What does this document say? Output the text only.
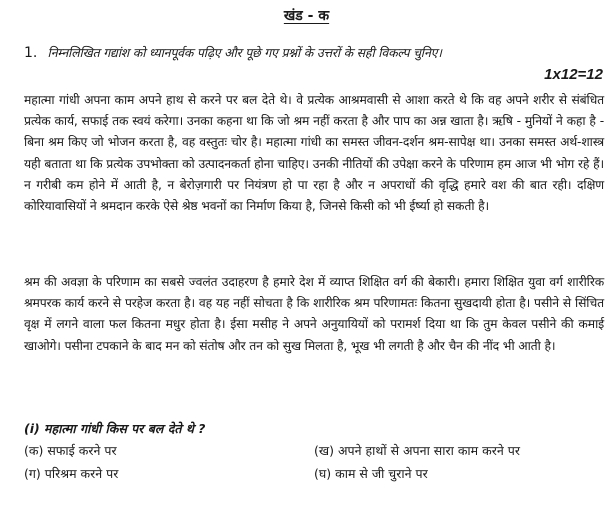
खंड - क
1. निम्नलिखित गद्यांश को ध्यानपूर्वक पढ़िए और पूछे गए प्रश्नों के उत्तरों के सही विकल्प चुनिए।
1x12=12

महात्मा गांधी अपना काम अपने हाथ से करने पर बल देते थे। वे प्रत्येक आश्रमवासी से आशा करते थे कि वह अपने शरीर से संबंधित प्रत्येक कार्य, सफाई तक स्वयं करेगा। उनका कहना था कि जो श्रम नहीं करता है और पाप का अन्न खाता है। ऋषि - मुनियों ने कहा है - बिना श्रम किए जो भोजन करता है, वह वस्तुतः चोर है। महात्मा गांधी का समस्त जीवन-दर्शन श्रम-सापेक्ष था। उनका समस्त अर्थ-शास्त्र यही बताता था कि प्रत्येक उपभोक्ता को उत्पादनकर्ता होना चाहिए। उनकी नीतियों की उपेक्षा करने के परिणाम हम आज भी भोग रहे हैं। न गरीबी कम होने में आती है, न बेरोज़गारी पर नियंत्रण हो पा रहा है और न अपराधों की वृद्धि हमारे वश की बात रही। दक्षिण कोरियावासियों ने श्रमदान करके ऐसे श्रेष्ठ भवनों का निर्माण किया है, जिनसे किसी को भी ईर्ष्या हो सकती है।

श्रम की अवज्ञा के परिणाम का सबसे ज्वलंत उदाहरण है हमारे देश में व्याप्त शिक्षित वर्ग की बेकारी। हमारा शिक्षित युवा वर्ग शारीरिक श्रमपरक कार्य करने से परहेज करता है। वह यह नहीं सोचता है कि शारीरिक श्रम परिणामतः कितना सुखदायी होता है। पसीने से सिंचित वृक्ष में लगने वाला फल कितना मधुर होता है। ईसा मसीह ने अपने अनुयायियों को परामर्श दिया था कि तुम केवल पसीने की कमाई खाओगे। पसीना टपकाने के बाद मन को संतोष और तन को सुख मिलता है, भूख भी लगती है और चैन की नींद भी आती है।

(i) महात्मा गांधी किस पर बल देते थे ?
(क) सफाई करने पर	(ख) अपने हाथों से अपना सारा काम करने पर
(ग) परिश्रम करने पर	(घ) काम से जी चुराने पर
